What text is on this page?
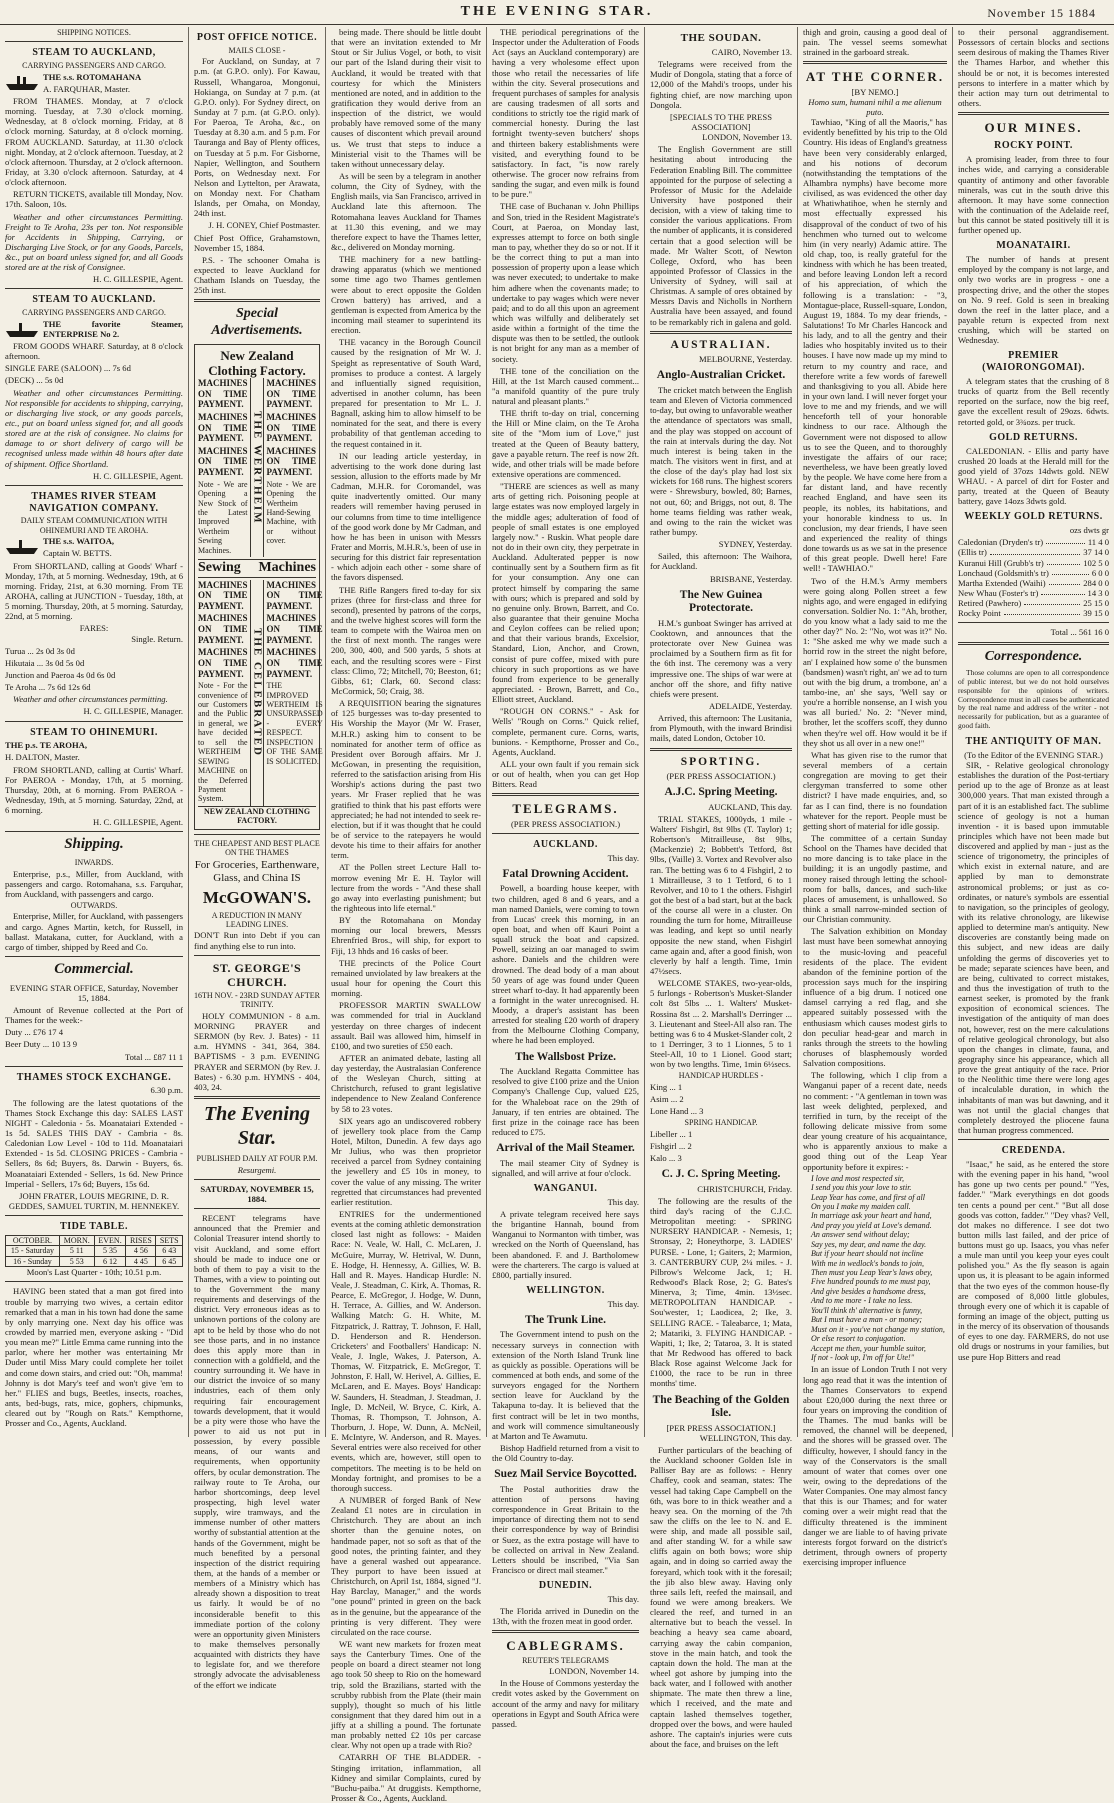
THE EVENING STAR.	November 15 1884
SHIPPING NOTICES.
STEAM TO AUCKLAND,
CARRYING PASSENGERS AND CARGO.

THE s.s. ROTOMAHANA

A. FARQUHAR, Master.

FROM THAMES. Monday, at 7 o'clock morning. Tuesday, at 7.30 o'clock morning. Wednesday, at 8 o'clock morning. Friday, at 8 o'clock morning. Saturday, at 8 o'clock morning. FROM AUCKLAND. Saturday, at 11.30 o'clock night. Monday, at 2 o'clock afternoon. Tuesday, at 2 o'clock afternoon. Thursday, at 2 o'clock afternoon. Friday, at 3.30 o'clock afternoon. Saturday, at 4 o'clock afternoon.

RETURN TICKETS, available till Monday, Nov. 17th. Saloon, 10s.

Weather and other circumstances Permitting. Freight to Te Aroha, 23s per ton. Not responsible for Accidents in Shipping, Carrying, or Discharging Live Stock, or for any Goods, Parcels, &c., put on board unless signed for, and all Goods stored are at the risk of Consignee.

H. C. GILLESPIE, Agent.

STEAM TO AUCKLAND.
CARRYING PASSENGERS AND CARGO.

THE favorite Steamer, ENTERPRISE No 2.

FROM GOODS WHARF. Saturday, at 8 o'clock afternoon.

SINGLE FARE (SALOON) ... 7s 6d

(DECK) ... 5s 0d

Weather and other circumstances Permitting. Not responsible for accidents to shipping, carrying, or discharging live stock, or any goods parcels, etc., put on board unless signed for, and all goods stored are at the risk of consignee. No claims for damage to or short delivery of cargo will be recognised unless made within 48 hours after date of shipment. Office Shortland.

H. C. GILLESPIE, Agent.

THAMES RIVER STEAM NAVIGATION COMPANY.
DAILY STEAM COMMUNICATION WITH OHINEMURI AND TE AROHA.

THE s.s. WAITOA,

Captain W. BETTS.

From SHORTLAND, calling at Goods' Wharf - Monday, 17th, at 5 morning. Wednesday, 19th, at 6 morning. Friday, 21st, at 6.30 morning. From TE AROHA, calling at JUNCTION - Tuesday, 18th, at 5 morning. Thursday, 20th, at 5 morning. Saturday, 22nd, at 5 morning.

FARES:

Single. Return.

Turua ... 2s 0d 3s 0d

Hikutaia ... 3s 0d 5s 0d

Junction and Paeroa 4s 0d 6s 0d

Te Aroha ... 7s 6d 12s 6d

Weather and other circumstances permitting.

H. C. GILLESPIE, Manager.

STEAM TO OHINEMURI.

THE p.s. TE AROHA,

H. DALTON, Master.

FROM SHORTLAND, calling at Curtis' Wharf. For PAEROA - Monday, 17th, at 5 morning. Thursday, 20th, at 6 morning. From PAEROA - Wednesday, 19th, at 5 morning. Saturday, 22nd, at 6 morning.

H. C. GILLESPIE, Agent.

Shipping.
INWARDS.

Enterprise, p.s., Miller, from Auckland, with passengers and cargo. Rotomahana, s.s. Farquhar, from Auckland, with passengers and cargo.

OUTWARDS.

Enterprise, Miller, for Auckland, with passengers and cargo. Agnes Martin, ketch, for Russell, in ballast. Matakana, cutter, for Auckland, with a cargo of timber, shipped by Reed and Co.

Commercial.

EVENING STAR OFFICE, Saturday, November 15, 1884.

Amount of Revenue collected at the Port of Thames for the week:-

Duty ... £76 17 4

Beer Duty ... 10 13 9

Total ... £87 11 1

THAMES STOCK EXCHANGE.

6.30 p.m.

The following are the latest quotations of the Thames Stock Exchange this day: SALES LAST NIGHT - Caledonia - 5s. Moanataiari Extended - 1s 5d. SALES THIS DAY - Cambria - 8s. Caledonian Low Level - 10d to 11d. Moanataiari Extended - 1s 5d. CLOSING PRICES - Cambria - Sellers, 8s 6d; Buyers, 8s. Darwin - Buyers, 6s. Moanataiari Extended - Sellers, 1s 6d. New Prince Imperial - Sellers, 17s 6d; Buyers, 15s 6d.

JOHN FRATER, LOUIS MEGRINE, D. R. GEDDES, SAMUEL TURTIN, M. HENNEKEY.

TIDE TABLE.
OCTOBER.	MORN.	EVEN.	RISES	SETS
15 - Saturday	5 11	5 35	4 56	6 43
16 - Sunday	5 53	6 12	4 45	6 45

Moon's Last Quarter - 10th; 10.51 p.m.

HAVING been stated that a man got fired into trouble by marrying two wives, a certain editor remarked that a man in his town had done the same by only marrying one. Next day his office was crowded by married men, everyone asking - "Did you mean me?" Little Emma came running into the parlor, where her mother was entertaining Mr Duder until Miss Mary could complete her toilet and come down stairs, and cried out: "Oh, mamma! Johnny is dot Mary's teef and won't give 'em to her." FLIES and bugs, Beetles, insects, roaches, ants, bed-bugs, rats, mice, gophers, chipmunks, cleared out by "Rough on Rats." Kempthorne, Prosser and Co., Agents, Auckland.

POST OFFICE NOTICE.
MAILS CLOSE -

For Auckland, on Sunday, at 7 p.m. (at G.P.O. only). For Kawau, Russell, Whangaroa, Mongonui, Hokianga, on Sunday at 7 p.m. (at G.P.O. only). For Sydney direct, on Sunday at 7 p.m. (at G.P.O. only). For Paeroa, Te Aroha, &c., on Tuesday at 8.30 a.m. and 5 p.m. For Tauranga and Bay of Plenty offices, on Tuesday at 5 p.m. For Gisborne, Napier, Wellington, and Southern Ports, on Wednesday next. For Nelson and Lyttelton, per Arawata, on Monday next. For Chatham Islands, per Omaha, on Monday, 24th inst.

J. H. CONEY, Chief Postmaster.

Chief Post Office, Grahamstown, November 15, 1884.

P.S. - The schooner Omaha is expected to leave Auckland for Chatham Islands on Tuesday, the 25th inst.

Special Advertisements.
New Zealand Clothing Factory.

MACHINES ON TIME PAYMENT.

MACHINES ON TIME PAYMENT.

MACHINES ON TIME PAYMENT.

Note - We are Opening a New Stock of the Latest Improved Wertheim Sewing Machines.

THE WERTHEIM

MACHINES ON TIME PAYMENT.

MACHINES ON TIME PAYMENT.

MACHINES ON TIME PAYMENT.

Note - We are Opening the Wertheim Hand-Sewing Machine, with or without cover.

Sewing Machines

MACHINES ON TIME PAYMENT.

MACHINES ON TIME PAYMENT.

MACHINES ON TIME PAYMENT.

Note - For the convenience of our Customers and the Public in general, we have decided to sell the WERTHEIM SEWING MACHINE on the Deferred Payment System.

THE CELEBRATED

MACHINES ON TIME PAYMENT.

MACHINES ON TIME PAYMENT.

MACHINES ON TIME PAYMENT.

THE IMPROVED WERTHEIM IS UNSURPASSED - EVERY RESPECT. INSPECTION OF THE SAME IS SOLICITED.

NEW ZEALAND CLOTHING FACTORY.
THE CHEAPEST AND BEST PLACE ON THE THAMES
For Groceries, Earthenware, Glass, and China IS
McGOWAN'S.
A REDUCTION IN MANY LEADING LINES.

DON'T Run into Debt if you can find anything else to run into.

ST. GEORGE'S CHURCH.
16TH NOV. - 23RD SUNDAY AFTER TRINITY.

HOLY COMMUNION - 8 a.m. MORNING PRAYER and SERMON (by Rev. J. Bates) - 11 a.m. HYMNS - 341, 364, 384. BAPTISMS - 3 p.m. EVENING PRAYER and SERMON (by Rev. J. Bates) - 6.30 p.m. HYMNS - 404, 403, 24.

The Evening Star.
PUBLISHED DAILY AT FOUR P.M.
Resurgemi.
SATURDAY, NOVEMBER 15, 1884.

RECENT telegrams have announced that the Premier and Colonial Treasurer intend shortly to visit Auckland, and some effort should be made to induce one or both of them to pay a visit to the Thames, with a view to pointing out to the Government the many requirements and deservings of the district. Very erroneous ideas as to unknown portions of the colony are apt to be held by those who do not see those parts, and in no instance does this apply more than in connection with a goldfield, and the country surrounding it. We have in our district the invoice of so many industries, each of them only requiring fair encouragement towards development, that it would be a pity were those who have the power to aid us not put in possession, by every possible means, of our wants and requirements, when opportunity offers, by ocular demonstration. The railway route to Te Aroha, our harbor shortcomings, deep level prospecting, high level water supply, wire tramways, and the immense number of other matters worthy of substantial attention at the hands of the Government, might be much benefited by a personal inspection of the district requiring them, at the hands of a member or members of a Ministry which has already shown a disposition to treat us fairly. It would be of no inconsiderable benefit to this immediate portion of the colony were an opportunity given Ministers to make themselves personally acquainted with districts they have to legislate for, and we therefore strongly advocate the advisableness of the effort we indicate

being made. There should be little doubt that were an invitation extended to Mr Stout or Sir Julius Vogel, or both, to visit our part of the Island during their visit to Auckland, it would be treated with that courtesy for which the Ministers mentioned are noted, and in addition to the gratification they would derive from an inspection of the district, we would probably have removed some of the many causes of discontent which prevail around us. We trust that steps to induce a Ministerial visit to the Thames will be taken without unnecessary delay.

As will be seen by a telegram in another column, the City of Sydney, with the English mails, via San Francisco, arrived in Auckland late this afternoon. The Rotomahana leaves Auckland for Thames at 11.30 this evening, and we may therefore expect to have the Thames letter, &c., delivered on Monday morning.

THE machinery for a new battling-drawing apparatus (which we mentioned some time ago two Thames gentlemen were about to erect opposite the Golden Crown battery) has arrived, and a gentleman is expected from America by the incoming mail steamer to superintend its erection.

THE vacancy in the Borough Council caused by the resignation of Mr W. J. Speight as representative of South Ward, promises to produce a contest. A largely and influentially signed requisition, advertised in another column, has been prepared for presentation to Mr L. J. Bagnall, asking him to allow himself to be nominated for the seat, and there is every probability of that gentleman acceding to the request contained in it.

IN our leading article yesterday, in advertising to the work done during last session, allusion to the efforts made by Mr Cadman, M.H.R. for Coromandel, was quite inadvertently omitted. Our many readers will remember having perused in our columns from time to time intelligence of the good work done by Mr Cadman, and how he has been in unison with Messrs Frater and Morris, M.H.R.'s, been of use in securing for this district fair representation - which adjoin each other - some share of the favors dispensed.

THE Rifle Rangers fired to-day for six prizes (three for first-class and three for second), presented by patrons of the corps, and the twelve highest scores will form the team to compete with the Wairoa men on the first of next month. The ranges were 200, 300, 400, and 500 yards, 5 shots at each, and the resulting scores were - First class: Climo, 72; Mitchell, 70; Beeston, 61; Gibbs, 61; Clark, 60. Second class: McCormick, 50; Craig, 38.

A REQUISITION bearing the signatures of 125 burgesses was to-day presented to His Worship the Mayor (Mr W. Fraser, M.H.R.) asking him to consent to be nominated for another term of office as President over Borough affairs. Mr J. McGowan, in presenting the requisition, referred to the satisfaction arising from His Worship's actions during the past two years. Mr Fraser replied that he was gratified to think that his past efforts were appreciated; he had not intended to seek re-election, but if it was thought that he could be of service to the ratepayers he would devote his time to their affairs for another term.

AT the Pollen street Lecture Hall to-morrow evening Mr E. H. Taylor will lecture from the words - "And these shall go away into everlasting punishment; but the righteous into life eternal."

BY the Rotomahana on Monday morning our local brewers, Messrs Ehrenfried Bros., will ship, for export to Fiji, 13 hhds and 16 casks of beer.

THE precincts of the Police Court remained unviolated by law breakers at the usual hour for opening the Court this morning.

PROFESSOR MARTIN SWALLOW was commended for trial in Auckland yesterday on three charges of indecent assault. Bail was allowed him, himself in £100, and two sureties of £50 each.

AFTER an animated debate, lasting all day yesterday, the Australasian Conference of the Wesleyan Church, sitting at Christchurch, refused to grant legislative independence to New Zealand Conference by 58 to 23 votes.

SIX years ago an undiscovered robbery of jewellery took place from the Camp Hotel, Milton, Dunedin. A few days ago Mr Julius, who was then proprietor received a parcel from Sydney containing the jewellery and £5 10s in money, to cover the value of any missing. The writer regretted that circumstances had prevented earlier restitution.

ENTRIES for the undermentioned events at the coming athletic demonstration closed last night as follows: - Maiden Race: N. Veale, W. Hall, C. McLaren, J. McGuire, Murray, W. Hetrival, W. Dunn, E. Hodge, H. Hennessy, A. Gillies, W. B. Hall and R. Mayes. Handicap Hurdle: N. Veale, J. Steadman, C. Kirk, A. Thomas, R. Pearce, E. McGregor, J. Hodge, W. Dunn, H. Terrace, A. Gillies, and W. Anderson. Walking Match: G. H. White, M. Fitzpatrick, J. Rattray, T. Johnson, F. Hall, D. Henderson and R. Henderson. Cricketers' and Footballers' Handicap: N. Veale, J. Ingle, Wakes, J. Paterson, A. Thomas, W. Fitzpatrick, E. McGregor, T. Johnston, F. Hall, W. Herivel, A. Gillies, E. McLaren, and E. Mayes. Boys' Handicap: W. Saunders, H. Steadman, J. Steadman, J. Ingle, D. McNeil, W. Bryce, C. Kirk, A. Thomas, R. Thompson, T. Johnson, A. Thorburn, J. Hope, W. Dunn, A. McNeil, E. McIntyre, W. Anderson, and R. Mayes. Several entries were also received for other events, which are, however, still open to competitors. The meeting is to be held on Monday fortnight, and promises to be a thorough success.

A NUMBER of forged Bank of New Zealand £1 notes are in circulation in Christchurch. They are about an inch shorter than the genuine notes, on handmade paper, not so soft as that of the good notes, the printing fainter, and they have a general washed out appearance. They purport to have been issued at Christchurch, on April 1st, 1884, signed "J. Hay Barclay, Manager," and the words "one pound" printed in green on the back as in the genuine, but the appearance of the printing is very different. They were circulated on the race course.

WE want new markets for frozen meat says the Canterbury Times. One of the people on board a direct steamer not long ago took 50 sheep to Rio on the homeward trip, sold the Brazilians, started with the scrubby rubbish from the Plate (their main supply), thought so much of his little consignment that they dared him out in a jiffy at a shilling a pound. The fortunate man probably netted £2 10s per carcase clear. Why not open up a trade with Rio?

CATARRH OF THE BLADDER. - Stinging irritation, inflammation, all Kidney and similar Complaints, cured by "Buchu-paiba." At druggists. Kempthorne, Prosser & Co., Agents, Auckland.

THE periodical peregrinations of the Inspector under the Adulteration of Foods Act (says an Auckland contemporary) are having a very wholesome effect upon those who retail the necessaries of life within the city. Several prosecutions and frequent purchases of samples for analysis are causing tradesmen of all sorts and conditions to strictly toe the rigid mark of commercial honesty. During the last fortnight twenty-seven butchers' shops and thirteen bakery establishments were visited, and everything found to be satisfactory. In fact, "is now rarely otherwise. The grocer now refrains from sanding the sugar, and even milk is found to be pure."

THE case of Buchanan v. John Phillips and Son, tried in the Resident Magistrate's Court, at Paeroa, on Monday last, expresses attempt to force on both single man to pay, whether they do so or not. If it be the correct thing to put a man into possession of property upon a lease which was never executed; to undertake to make him adhere when the covenants made; to undertake to pay wages which were never paid; and to do all this upon an agreement which was wilfully and deliberately set aside within a fortnight of the time the dispute was then to be settled, the outlook is not bright for any man as a member of society.

THE tone of the conciliation on the Hill, at the 1st March caused comment... "a manifold quantity of the pure truly natural and pleasant plants."

THE thrift to-day on trial, concerning the Hill or Mine claim, on the Te Aroha site of the "Mom ium of Love," just treated at the Queen of Beauty battery, gave a payable return. The reef is now 2ft. wide, and other trials will be made before extensive operations are commenced.

"THERE are sciences as well as many arts of getting rich. Poisoning people at large estates was now employed largely in the middle ages; adulteration of food of people of small estates is one employed largely now." - Ruskin. What people dare not do in their own city, they perpetrate in Auckland. Adulterated pepper is now continually sent by a Southern firm as fit for your consumption. Any one can protect himself by comparing the same with ours; which is prepared and sold by no genuine only. Brown, Barrett, and Co. also guarantee that their genuine Mocha and Ceylon coffees can be relied upon; and that their various brands, Excelsior, Standard, Lion, Anchor, and Crown, consist of pure coffee, mixed with pure chicory in such proportions as we have found from experience to be generally appreciated. - Brown, Barrett, and Co., Elliott street, Auckland.

"ROUGH ON CORNS." - Ask for Wells' "Rough on Corns." Quick relief, complete, permanent cure. Corns, warts, bunions. - Kempthorne, Prosser and Co., Agents, Auckland.

ALL your own fault if you remain sick or out of health, when you can get Hop Bitters. Read

TELEGRAMS.
(PER PRESS ASSOCIATION.)
AUCKLAND.

This day.

Fatal Drowning Accident.

Powell, a boarding house keeper, with two children, aged 8 and 6 years, and a man named Daniels, were coming to town from Lucas' creek this morning, in an open boat, and when off Kauri Point a squall struck the boat and capsized. Powell, seizing an oar managed to swim ashore. Daniels and the children were drowned. The dead body of a man about 50 years of age was found under Queen street wharf to-day. It had apparently been a fortnight in the water unrecognised. H. Moody, a draper's assistant has been arrested for stealing £20 worth of drapery from the Melbourne Clothing Company, where he had been employed.

The Wallsbost Prize.

The Auckland Regatta Committee has resolved to give £100 prize and the Union Company's Challenge Cup, valued £25, for the Whaleboat race on the 29th of January, if ten entries are obtained. The first prize in the coinage race has been reduced to £75.

Arrival of the Mail Steamer.

The mail steamer City of Sydney is signalled, and will arrive at four o'clock.

WANGANUI.

This day.

A private telegram received here says the brigantine Hannah, bound from Wanganui to Normanton with timber, was wrecked on the North of Queensland, has been abandoned. F. and J. Bartholomew were the charterers. The cargo is valued at £800, partially insured.

WELLINGTON.

This day.

The Trunk Line.

The Government intend to push on the necessary surveys in connection with extension of the North Island Trunk line as quickly as possible. Operations will be commenced at both ends, and some of the surveyors engaged for the Northern section leave for Auckland by the Takapuna to-day. It is believed that the first contract will be let in two months, and work will commence simultaneously at Marton and Te Awamutu.

Bishop Hadfield returned from a visit to the Old Country to-day.

Suez Mail Service Boycotted.

The Postal authorities draw the attention of persons having correspondence in Great Britain to the importance of directing them not to send their correspondence by way of Brindisi or Suez, as the extra postage will have to be collected on arrival in New Zealand. Letters should be inscribed, "Via San Francisco or direct mail steamer."

DUNEDIN.

This day.

The Florida arrived in Dunedin on the 13th, with the frozen meat in good order.

CABLEGRAMS.
REUTER'S TELEGRAMS

LONDON, November 14.

In the House of Commons yesterday the credit votes asked by the Government on account of the army and navy for military operations in Egypt and South Africa were passed.

THE SOUDAN.

CAIRO, November 13.

Telegrams were received from the Mudir of Dongola, stating that a force of 12,000 of the Mahdi's troops, under his fighting chief, are now marching upon Dongola.

[SPECIALS TO THE PRESS ASSOCIATION]

LONDON, November 13.

The English Government are still hesitating about introducing the Federation Enabling Bill. The committee appointed for the purpose of selecting a Professor of Music for the Adelaide University have postponed their decision, with a view of taking time to consider the various applications. From the number of applicants, it is considered certain that a good selection will be made. Mr Walter Scott, of Newton College, Oxford, who has been appointed Professor of Classics in the University of Sydney, will sail at Christmas. A sample of ores obtained by Messrs Davis and Nicholls in Northern Australia have been assayed, and found to be remarkably rich in galena and gold.

AUSTRALIAN.

MELBOURNE, Yesterday.

Anglo-Australian Cricket.

The cricket match between the English team and Eleven of Victoria commenced to-day, but owing to unfavorable weather the attendance of spectators was small, and the play was stopped on account of the rain at intervals during the day. Not much interest is being taken in the match. The visitors went in first, and at the close of the day's play had lost six wickets for 168 runs. The highest scorers were - Shrewsbury, bowled, 80; Barnes, not out, 60; and Briggs, not out, 8. The home teams fielding was rather weak, and owing to the rain the wicket was rather bumpy.

SYDNEY, Yesterday.

Sailed, this afternoon: The Waihora, for Auckland.

BRISBANE, Yesterday.

The New Guinea Protectorate.

H.M.'s gunboat Swinger has arrived at Cooktown, and announces that the protectorate over New Guinea was proclaimed by a Southern firm as fit for the 6th inst. The ceremony was a very impressive one. The ships of war were at anchor off the shore, and fifty native chiefs were present.

ADELAIDE, Yesterday.

Arrived, this afternoon: The Lusitania, from Plymouth, with the inward Brindisi mails, dated London, October 10.

SPORTING.
(PER PRESS ASSOCIATION.)
A.J.C. Spring Meeting.

AUCKLAND, This day.

TRIAL STAKES, 1000yds, 1 mile - Walters' Fishgirl, 8st 9lbs (T. Taylor) 1; Robertson's Mitrailleuse, 8st 9lbs, (Mackenzie) 2; Bobbett's Tetford, 8st 9lbs, (Vaille) 3. Vortex and Revolver also ran. The betting was 6 to 4 Fishgirl, 2 to 1 Mitrailleuse, 3 to 1 Tetford, 6 to 1 Revolver, and 10 to 1 the others. Fishgirl got the best of a bad start, but at the back of the course all were in a cluster. On rounding the turn for home, Mitrailleuse was leading, and kept so until nearly opposite the new stand, when Fishgirl came again and, after a good finish, won cleverly by half a length. Time, 1min 47½secs.

WELCOME STAKES, two-year-olds, 5 furlongs - Robertson's Musket-Slander colt 8st 5lbs ... 1. Walters' Musket-Rossina 8st ... 2. Marshall's Derringer ... 3. Lieutenant and Steel-All also ran. The betting was 6 to 4 Musket-Slander colt, 2 to 1 Derringer, 3 to 1 Lionnes, 5 to 1 Steel-All, 10 to 1 Lionel. Good start; won by two lengths. Time, 1min 6½secs.

HANDICAP HURDLES -

King ... 1

Asim ... 2

Lone Hand ... 3

SPRING HANDICAP.

Libeller ... 1

Fishgirl ... 2

Kalo ... 3

C. J. C. Spring Meeting.

CHRISTCHURCH, Friday.

The following are the results of the third day's racing of the C.J.C. Metropolitan meeting: - SPRING NURSERY HANDICAP. - Nemesis, 1; Stronsay, 2; Honeythorpe, 3. LADIES' PURSE. - Lone, 1; Gaiters, 2; Marmion, 3. CANTERBURY CUP, 2¼ miles. - J. Pilbrow's Welcome Jack, 1; H. Redwood's Black Rose, 2; G. Bates's Minerva, 3; Time, 4min. 13½sec. METROPOLITAN HANDICAP. - Sou'wester, 1; Laodicea, 2; Ike, 3. SELLING RACE. - Taleabarce, 1; Mata, 2; Matariki, 3. FLYING HANDICAP. - Wapiti, 1; Ike, 2; Tataroa, 3. It is stated that Mr Redwood has offered to back Black Rose against Welcome Jack for £1000, the race to be run in three months' time.

The Beaching of the Golden Isle.
[PER PRESS ASSOCIATION.]

WELLINGTON, This day.

Further particulars of the beaching of the Auckland schooner Golden Isle in Palliser Bay are as follows: - Henry Chaffey, cook and seaman, states: The vessel had taking Cape Campbell on the 6th, was bore to in thick weather and a heavy sea. On the morning of the 7th saw the cliffs on the lee to N. and E. were ship, and made all possible sail, and after standing W. for a while saw cliffs again on both bows; wore ship again, and in doing so carried away the foreyard, which took with it the foresail; the jib also blew away. Having only three sails left, reefed the mainsail, and found we were among breakers. We cleared the reef, and turned in an alternative but to beach the vessel. In beaching a heavy sea came aboard, carrying away the cabin companion, stove in the main hatch, and took the captain down the hold. The man at the wheel got ashore by jumping into the back water, and I followed with another shipmate. The mate then threw a line, which I received, and the mate and captain lashed themselves together, dropped over the bows, and were hauled ashore. The captain's injuries were cuts about the face, and bruises on the left

thigh and groin, causing a good deal of pain. The vessel seems somewhat strained in the garboard streak.

AT THE CORNER.
[BY NEMO.]
Homo sum, humani nihil a me alienum puto.

Tawhiao, "King of all the Maoris," has evidently benefitted by his trip to the Old Country. His ideas of England's greatness have been very considerably enlarged, and his notions of decorum (notwithstanding the temptations of the Alhambra nymphs) have become more civilised, as was evidenced the other day at Whatiwhatihoe, when he sternly and most effectually expressed his disapproval of the conduct of two of his henchmen who turned out to welcome him (in very nearly) Adamic attire. The old chap, too, is really grateful for the kindness with which he has been treated, and before leaving London left a record of his appreciation, of which the following is a translation: - "3, Montague-place, Russell-square, London, August 19, 1884. To my dear friends, - Salutations! To Mr Charles Hancock and his lady, and to all the gentry and their ladies who hospitably invited us to their houses. I have now made up my mind to return to my country and race, and therefore write a few words of farewell and thanksgiving to you all. Abide here in your own land. I will never forget your love to me and my friends, and we will henceforth tell of your honorable kindness to our race. Although the Government were not disposed to allow us to see the Queen, and to thoroughly investigate the affairs of our race; nevertheless, we have been greatly loved by the people. We have come here from a far distant land, and have recently reached England, and have seen its people, its nobles, its habitations, and your honorable kindness to us. In conclusion, my dear friends, I have seen and experienced the reality of things done towards us as we sat in the presence of this great people. Dwell here! Fare well! - TAWHIAO."

Two of the H.M.'s Army members were going along Pollen street a few nights ago, and were engaged in edifying conversation. Soldier No. 1: "Ah, brother, do you know what a lady said to me the other day?" No. 2: "No, wot was it?" No. 1: "She asked me why we made such a horrid row in the street the night before, an' I explained how some o' the bunsmen (bandsmen) wasn't right, an' we ad to turn out with the big drum, a trombone, an' a tambo-ine, an' she says, 'Well say or you're a horrible nonsense, an I wish you was all buried.' No. 2: "Never mind, brother, let the scoffers scoff, they dunno when they're wel off. How would it be if they shot us all over in a new one!"

What has given rise to the rumor that several members of a certain congregation are moving to get their clergyman transferred to some other district? I have made enquiries, and, so far as I can find, there is no foundation whatever for the report. People must be getting short of material for idle gossip.

The committee of a certain Sunday School on the Thames have decided that no more dancing is to take place in the building; it is an ungodly pastime, and money raised through letting the school-room for balls, dances, and such-like places of amusement, is unhallowed. So think a small narrow-minded section of our Christian community.

The Salvation exhibition on Monday last must have been somewhat annoying to the music-loving and peaceful residents of the place. The evident abandon of the feminine portion of the procession says much for the inspiring influence of a big drum. I noticed one damsel carrying a red flag, and she appeared suitably possessed with the enthusiasm which causes modest girls to don peculiar head-gear and march in ranks through the streets to the howling choruses of blasphemously worded Salvation compositions.

The following, which I clip from a Wanganui paper of a recent date, needs no comment: - "A gentleman in town was last week delighted, perplexed, and terrified in turn, by the receipt of the following delicate missive from some dear young creature of his acquaintance, who is apparently anxious to make a good thing out of the Leap Year opportunity before it expires: -

I love and most respected sir,
I send you this your love to stir.
Leap Year has come, and first of all
On you I make my maiden call.
In marriage ask your heart and hand,
And pray you yield at Love's demand.
An answer send without delay;
Say yes, my dear, and name the day.
But if your heart should not incline
With me in wedlock's bonds to join,
Then must you Leap Year's laws obey,
Five hundred pounds to me must pay,
And give besides a handsome dress,
And to me more - I take no less.
You'll think th' alternative is funny,
But I must have a man - or money;
Must on it - you've not change my station,
Or else resort to conjugation.
Accept me then, your humble suitor,
If not - look up, I'm off for Ute!"

In an issue of London Truth I not very long ago read that it was the intention of the Thames Conservators to expend about £20,000 during the next three or four years on improving the condition of the Thames. The mud banks will be removed, the channel will be deepened, and the shores will be grassed over. The difficulty, however, I should fancy in the way of the Conservators is the small amount of water that comes over one weir, owing to the depredations of the Water Companies. One may almost fancy that this is our Thames; and for water coming over a weir might read that the difficulty threatened is the imminent danger we are liable to of having private interests forgot forward on the district's detriment, through owners of property exercising improper influence

to their personal aggrandisement. Possessors of certain blocks and sections seem desirous of making the Thames River the Thames Harbor, and whether this should be or not, it is becomes interested persons to interfere in a matter which by their action may turn out detrimental to others.

OUR MINES.
ROCKY POINT.

A promising leader, from three to four inches wide, and carrying a considerable quantity of antimony and other favorable minerals, was cut in the south drive this afternoon. It may have some connection with the continuation of the Adelaide reef, but this cannot be stated positively till it is further opened up.

MOANATAIRI.

The number of hands at present employed by the company is not large, and only two works are in progress - one a prospecting drive, and the other the stopes on No. 9 reef. Gold is seen in breaking down the reef in the latter place, and a payable return is expected from next crushing, which will be started on Wednesday.

PREMIER (WAIORONGOMAI).

A telegram states that the crushing of 8 trucks of quartz from the Bell recently reported on the surface, now the big reef, gave the excellent result of 29ozs. 6dwts. retorted gold, or 3¾ozs. per truck.

GOLD RETURNS.

CALEDONIAN. - Ellis and party have crushed 20 loads at the Herald mill for the good yield of 37ozs 14dwts gold. NEW WHAU. - A parcel of dirt for Foster and party, treated at the Queen of Beauty battery, gave 14ozs 3dwts gold.

WEEKLY GOLD RETURNS.

ozs dwts gr

Caledonian (Dryden's tr)	11 4 0
(Ellis tr)	37 14 0
Kuranui Hill (Grubb's tr)	102 5 0
Lonchaud (Goldsmith's tr)	6 0 0
Martha Extended (Waihi)	284 0 0
New Whau (Foster's tr)	14 3 0
Retired (Pawhero)	25 15 0
Rocky Point	39 15 0

Total ... 561 16 0

Correspondence.

Those columns are open to all correspondence of public interest, but we do not hold ourselves responsible for the opinions of writers. Correspondence must in all cases be authenticated by the real name and address of the writer - not necessarily for publication, but as a guarantee of good faith.

THE ANTIQUITY OF MAN.
(To the Editor of the EVENING STAR.)

SIR, - Relative geological chronology establishes the duration of the Post-tertiary period up to the age of Bronze as at least 300,000 years. That man existed through a part of it is an established fact. The sublime science of geology is not a human invention - it is based upon immutable principles which have not been made but discovered and applied by man - just as the science of trigonometry, the principles of which exist in external nature, and are applied by man to demonstrate astronomical problems; or just as co-ordinates, or nature's symbols are essential to navigation, so the principles of geology, with its relative chronology, are likewise applied to determine man's antiquity. New discoveries are constantly being made on this subject, and new ideas are daily unfolding the germs of discoveries yet to be made; separate sciences have been, and are being, cultivated to correct mistakes, and thus the investigation of truth to the earnest seeker, is promoted by the frank exposition of economical sciences. The investigation of the antiquity of man does not, however, rest on the mere calculations of relative geological chronology, but also upon the changes in climate, fauna, and geography since his appearance, which all prove the great antiquity of the race. Prior to the Neolithic time there were long ages of incalculable duration, in which the inhabitants of man was but dawning, and it was not until the glacial changes that completely destroyed the pliocene fauna that human progress commenced.

CREDENDA.

"Isaac," he said, as he entered the store with the evening paper in his hand, "wool has gone up two cents per pound." "Yes, fadder." "Mark everythings en dot goods ten cents a pound per cent." "But all dose goods vas cotton, fadder." "Dey vhas? Vell, dot makes no difference. I see dot two button mills last failed, and der price of buttons must go up. Isaacs, you vhas nefer a mule man until you keep your eyes coult polished you." As the fly season is again upon us, it is pleasant to be again informed that the two eyes of the common house-fly are composed of 8,000 little globules, through every one of which it is capable of forming an image of the object, putting us in the mercy of its observation of thousands of eyes to one day. FARMERS, do not use old drugs or nostrums in your families, but use pure Hop Bitters and read
